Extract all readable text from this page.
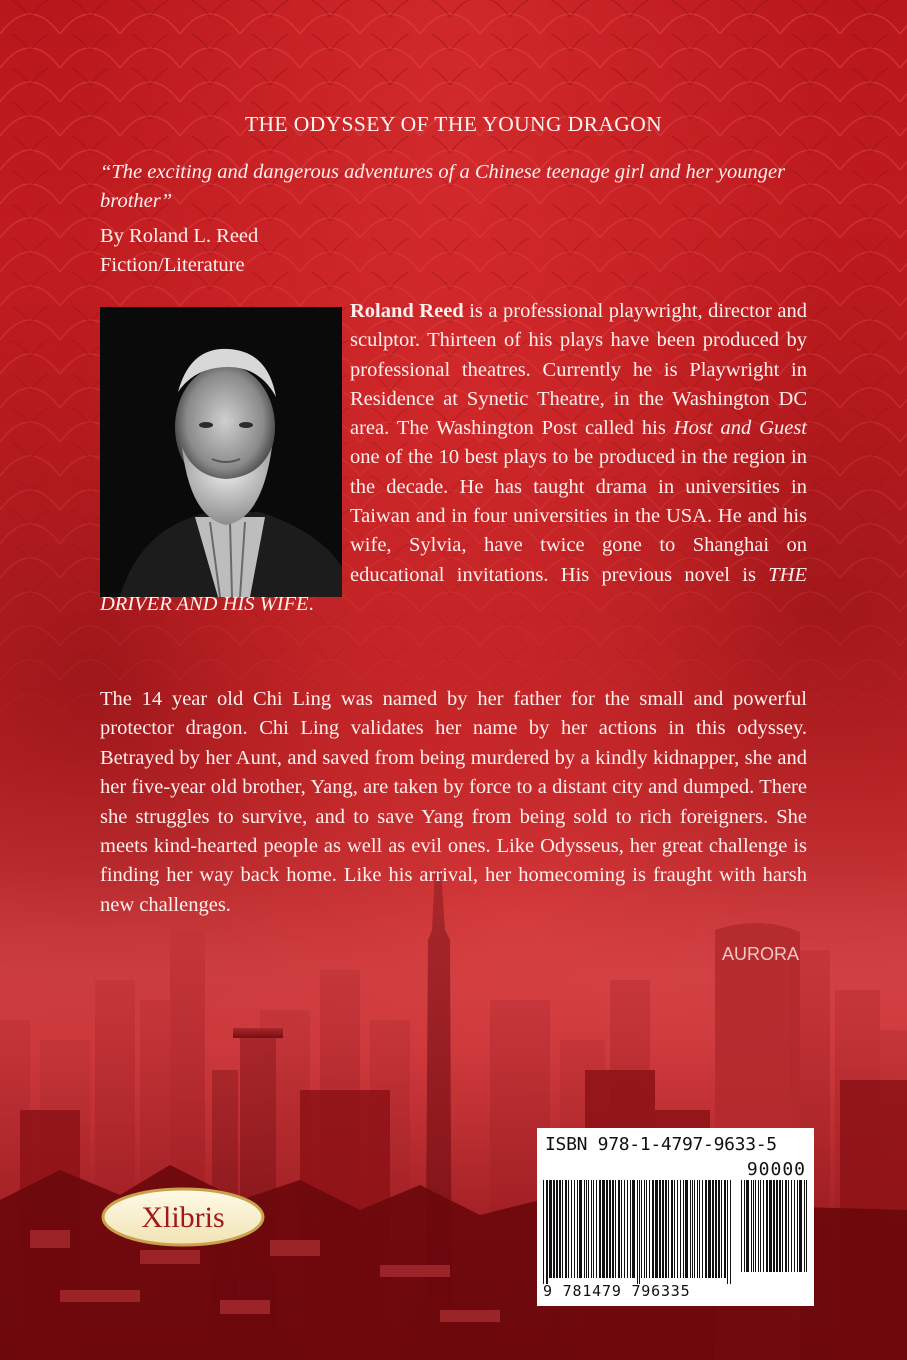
AURORA
THE ODYSSEY OF THE YOUNG DRAGON
“The exciting and dangerous adventures of a Chinese teenage girl and her younger brother”
By Roland L. Reed
Fiction/Literature
Roland Reed is a professional playwright, director and sculptor. Thirteen of his plays have been produced by professional theatres. Currently he is Playwright in Residence at Synetic Theatre, in the Washington DC area. The Washington Post called his Host and Guest one of the 10 best plays to be produced in the region in the decade. He has taught drama in universities in Taiwan and in four universities in the USA. He and his wife, Sylvia, have twice gone to Shanghai on educational invitations. His previous novel is THE DRIVER AND HIS WIFE.
The 14 year old Chi Ling was named by her father for the small and powerful protector dragon. Chi Ling validates her name by her actions in this odyssey. Betrayed by her Aunt, and saved from being murdered by a kindly kidnapper, she and her five-year old brother, Yang, are taken by force to a distant city and dumped. There she struggles to survive, and to save Yang from being sold to rich foreigners. She meets kind-hearted people as well as evil ones. Like Odysseus, her great challenge is finding her way back home. Like his arrival, her homecoming is fraught with harsh new challenges.
Xlibris
ISBN 978-1-4797-9633-5
90000
9 781479 796335
